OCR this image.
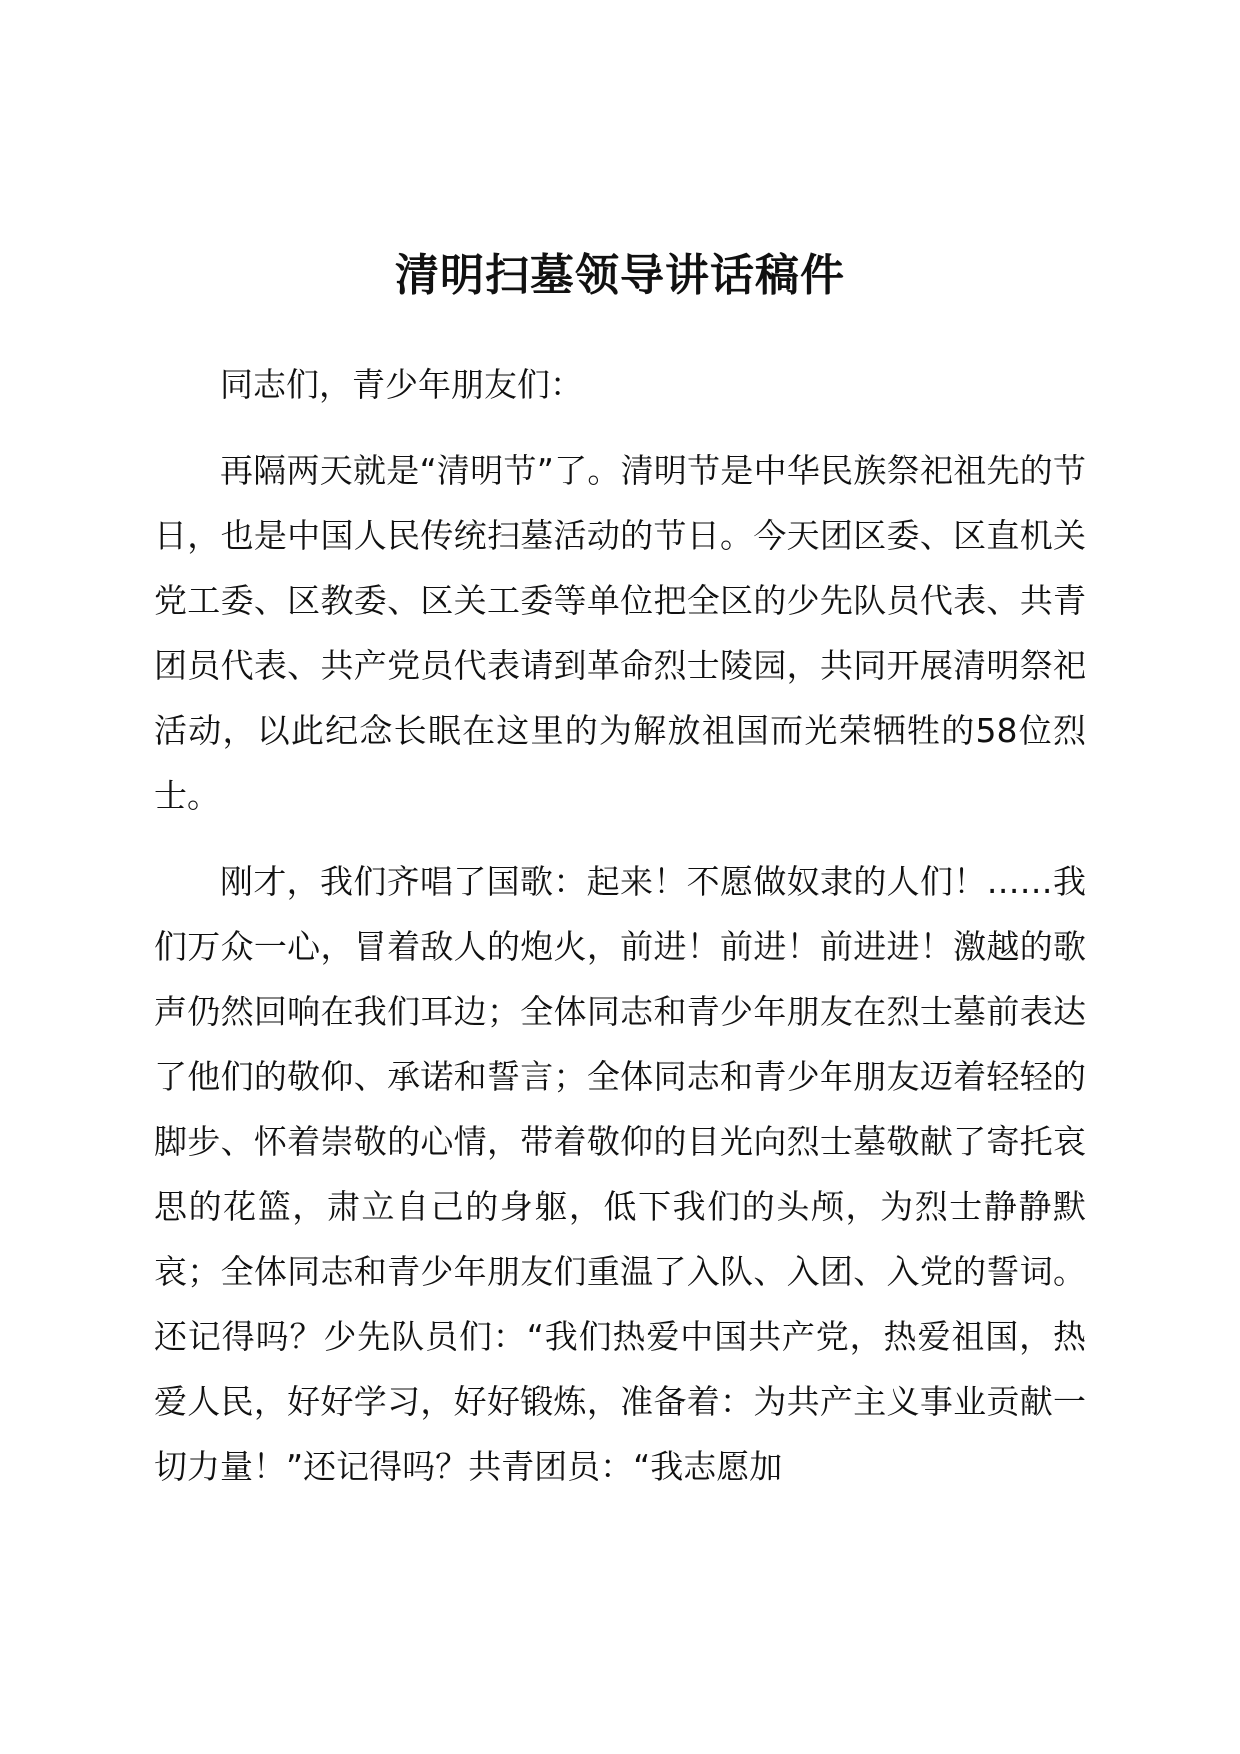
清明扫墓领导讲话稿件

同志们，青少年朋友们：

再隔两天就是“清明节”了。清明节是中华民族祭祀祖先的节日，也是中国人民传统扫墓活动的节日。今天团区委、区直机关党工委、区教委、区关工委等单位把全区的少先队员代表、共青团员代表、共产党员代表请到革命烈士陵园，共同开展清明祭祀活动，以此纪念长眠在这里的为解放祖国而光荣牺牲的58位烈士。

刚才，我们齐唱了国歌：起来！不愿做奴隶的人们！……我们万众一心，冒着敌人的炮火，前进！前进！前进进！激越的歌声仍然回响在我们耳边；全体同志和青少年朋友在烈士墓前表达了他们的敬仰、承诺和誓言；全体同志和青少年朋友迈着轻轻的脚步、怀着崇敬的心情，带着敬仰的目光向烈士墓敬献了寄托哀思的花篮，肃立自己的身躯，低下我们的头颅，为烈士静静默哀；全体同志和青少年朋友们重温了入队、入团、入党的誓词。还记得吗？少先队员们：“我们热爱中国共产党，热爱祖国，热爱人民，好好学习，好好锻炼，准备着：为共产主义事业贡献一切力量！”还记得吗？共青团员：“我志愿加
